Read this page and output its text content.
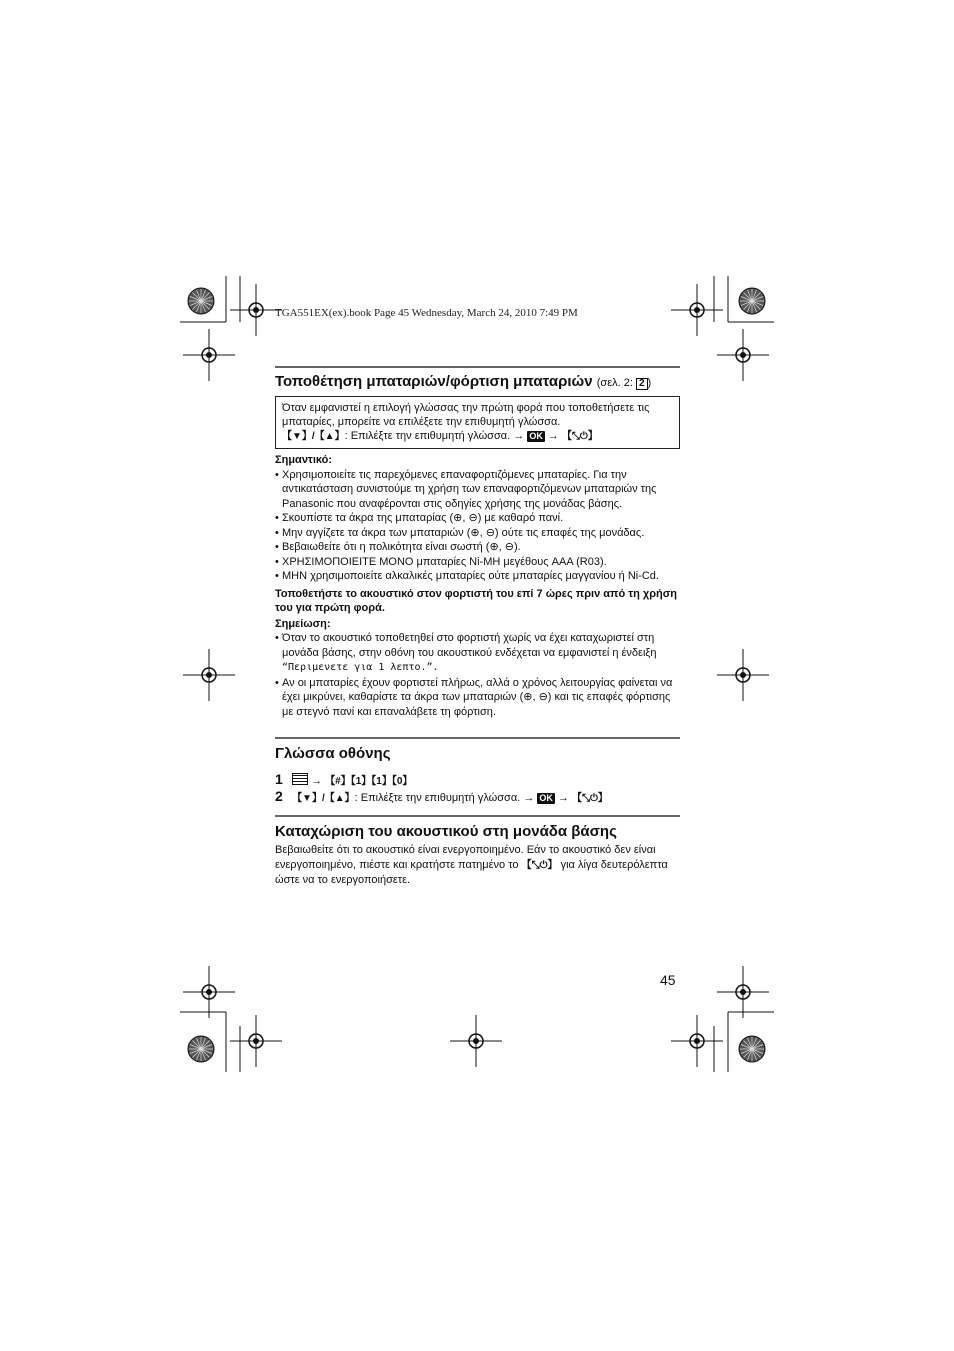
TGA551EX(ex).book Page 45 Wednesday, March 24, 2010 7:49 PM
Τοποθέτηση μπαταριών/φόρτιση μπαταριών (σελ. 2: 2 )
Όταν εμφανιστεί η επιλογή γλώσσας την πρώτη φορά που τοποθετήσετε τις μπαταρίες, μπορείτε να επιλέξετε την επιθυμητή γλώσσα.
【▼】/【▲】: Επιλέξτε την επιθυμητή γλώσσα. → OK → 【⤡⏻】
Σημαντικό:
• Χρησιμοποιείτε τις παρεχόμενες επαναφορτιζόμενες μπαταρίες. Για την αντικατάσταση συνιστούμε τη χρήση των επαναφορτιζόμενων μπαταριών της Panasonic που αναφέρονται στις οδηγίες χρήσης της μονάδας βάσης.
• Σκουπίστε τα άκρα της μπαταρίας (⊕, ⊖) με καθαρό πανί.
• Μην αγγίζετε τα άκρα των μπαταριών (⊕, ⊖) ούτε τις επαφές της μονάδας.
• Βεβαιωθείτε ότι η πολικότητα είναι σωστή (⊕, ⊖).
• ΧΡΗΣΙΜΟΠΟΙΕΙΤΕ ΜΟΝΟ μπαταρίες Ni-MH μεγέθους AAA (R03).
• ΜΗΝ χρησιμοποιείτε αλκαλικές μπαταρίες ούτε μπαταρίες μαγγανίου ή Ni-Cd.
Τοποθετήστε το ακουστικό στον φορτιστή του επί 7 ώρες πριν από τη χρήση του για πρώτη φορά.
Σημείωση:
• Όταν το ακουστικό τοποθετηθεί στο φορτιστή χωρίς να έχει καταχωριστεί στη μονάδα βάσης, στην οθόνη του ακουστικού ενδέχεται να εμφανιστεί η ένδειξη
“Περιμενετε για 1 λεπτο.”.
• Αν οι μπαταρίες έχουν φορτιστεί πλήρως, αλλά ο χρόνος λειτουργίας φαίνεται να έχει μικρύνει, καθαρίστε τα άκρα των μπαταριών (⊕, ⊖) και τις επαφές φόρτισης με στεγνό πανί και επαναλάβετε τη φόρτιση.
Γλώσσα οθόνης
1	→ 【#】【1】【1】【0】
2 【▼】/【▲】: Επιλέξτε την επιθυμητή γλώσσα. → OK → 【⤡⏻】
Καταχώριση του ακουστικού στη μονάδα βάσης
Βεβαιωθείτε ότι το ακουστικό είναι ενεργοποιημένο. Εάν το ακουστικό δεν είναι ενεργοποιημένο, πιέστε και κρατήστε πατημένο το 【⤡⏻】 για λίγα δευτερόλεπτα ώστε να το ενεργοποιήσετε.
45
